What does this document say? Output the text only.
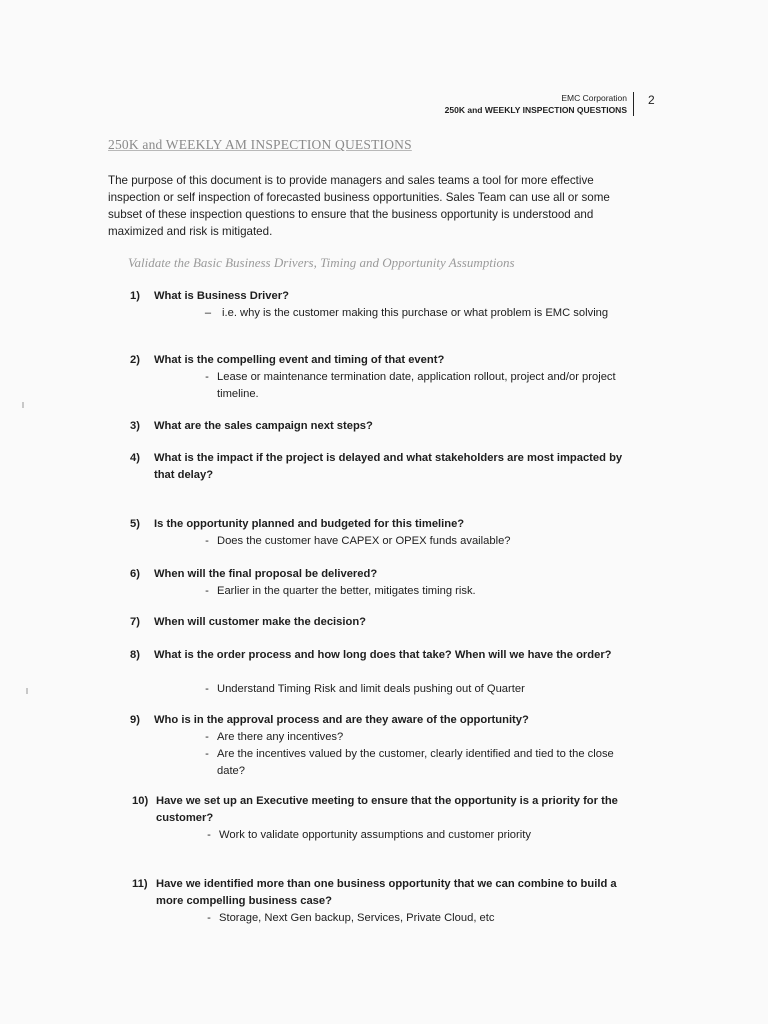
EMC Corporation
250K and WEEKLY INSPECTION QUESTIONS
2
250K and WEEKLY AM INSPECTION QUESTIONS

The purpose of this document is to provide managers and sales teams a tool for more effective inspection or self inspection of forecasted business opportunities. Sales Team can use all or some subset of these inspection questions to ensure that the business opportunity is understood and maximized and risk is mitigated.

Validate the Basic Business Drivers, Timing and Opportunity Assumptions
1)	What is Business Driver?
– i.e. why is the customer making this purchase or what problem is EMC solving
2)	What is the compelling event and timing of that event?
- Lease or maintenance termination date, application rollout, project and/or project timeline.
3)	What are the sales campaign next steps?
4)	What is the impact if the project is delayed and what stakeholders are most impacted by that delay?
5)	Is the opportunity planned and budgeted for this timeline?
- Does the customer have CAPEX or OPEX funds available?
6)	When will the final proposal be delivered?
- Earlier in the quarter the better, mitigates timing risk.
7)	When will customer make the decision?
8)	What is the order process and how long does that take? When will we have the order?
- Understand Timing Risk and limit deals pushing out of Quarter
9)	Who is in the approval process and are they aware of the opportunity?
- Are there any incentives?
- Are the incentives valued by the customer, clearly identified and tied to the close date?
10) Have we set up an Executive meeting to ensure that the opportunity is a priority for the customer?
- Work to validate opportunity assumptions and customer priority
11) Have we identified more than one business opportunity that we can combine to build a more compelling business case?
- Storage, Next Gen backup, Services, Private Cloud, etc
